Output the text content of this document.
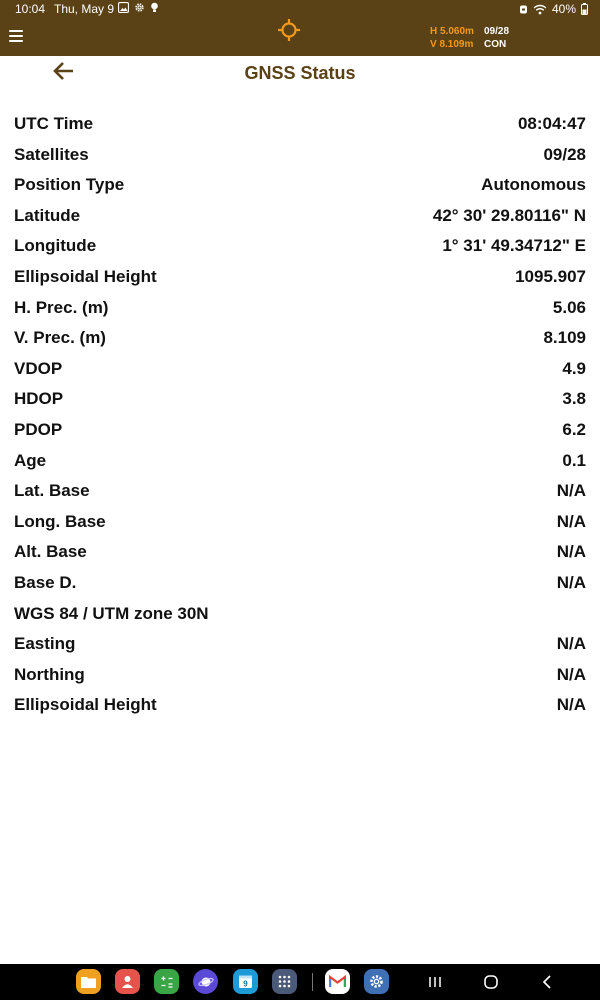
10:04 Thu, May 9	40%
H 5.060m	09/28
V 8.109m	CON
GNSS Status
UTC Time	08:04:47
Satellites	09/28
Position Type	Autonomous
Latitude	42° 30' 29.80116" N
Longitude	1° 31' 49.34712" E
Ellipsoidal Height	1095.907
H. Prec. (m)	5.06
V. Prec. (m)	8.109
VDOP	4.9
HDOP	3.8
PDOP	6.2
Age	0.1
Lat. Base	N/A
Long. Base	N/A
Alt. Base	N/A
Base D.	N/A
WGS 84 / UTM zone 30N
Easting	N/A
Northing	N/A
Ellipsoidal Height	N/A
9
